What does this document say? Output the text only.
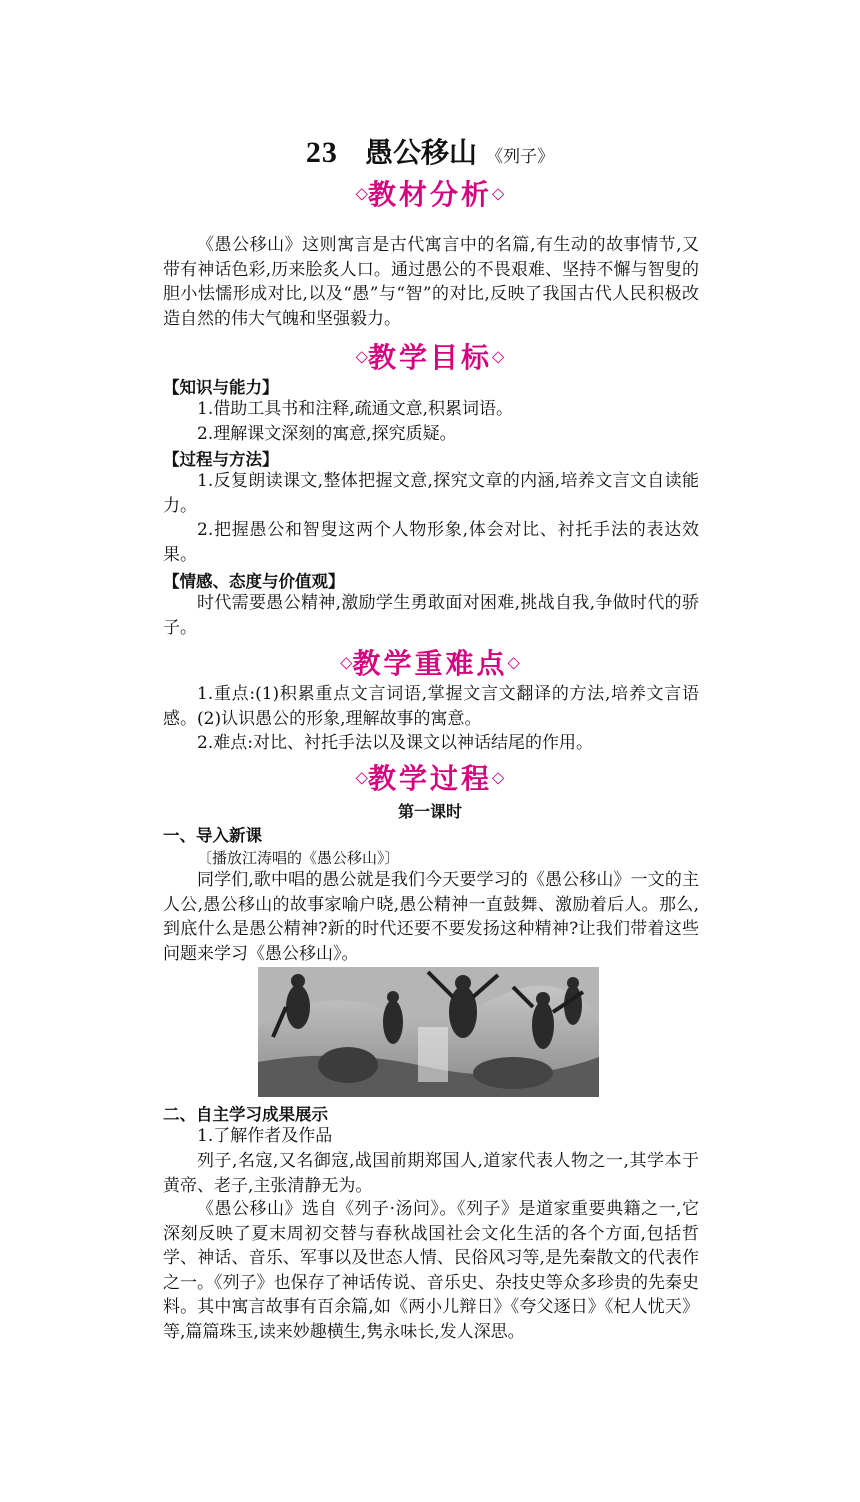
23 愚公移山 《列子》
◇教材分析◇
《愚公移山》这则寓言是古代寓言中的名篇,有生动的故事情节,又带有神话色彩,历来脍炙人口。通过愚公的不畏艰难、坚持不懈与智叟的胆小怯懦形成对比,以及“愚”与“智”的对比,反映了我国古代人民积极改造自然的伟大气魄和坚强毅力。
◇教学目标◇
【知识与能力】
1.借助工具书和注释,疏通文意,积累词语。
2.理解课文深刻的寓意,探究质疑。
【过程与方法】
1.反复朗读课文,整体把握文意,探究文章的内涵,培养文言文自读能力。
2.把握愚公和智叟这两个人物形象,体会对比、衬托手法的表达效果。
【情感、态度与价值观】
时代需要愚公精神,激励学生勇敢面对困难,挑战自我,争做时代的骄子。
◇教学重难点◇
1.重点:(1)积累重点文言词语,掌握文言文翻译的方法,培养文言语感。(2)认识愚公的形象,理解故事的寓意。
2.难点:对比、衬托手法以及课文以神话结尾的作用。
◇教学过程◇
第一课时
一、导入新课
〔播放江涛唱的《愚公移山》〕
同学们,歌中唱的愚公就是我们今天要学习的《愚公移山》一文的主人公,愚公移山的故事家喻户晓,愚公精神一直鼓舞、激励着后人。那么,到底什么是愚公精神?新的时代还要不要发扬这种精神?让我们带着这些问题来学习《愚公移山》。
二、自主学习成果展示
1.了解作者及作品
列子,名寇,又名御寇,战国前期郑国人,道家代表人物之一,其学本于黄帝、老子,主张清静无为。
《愚公移山》选自《列子·汤问》。《列子》是道家重要典籍之一,它深刻反映了夏末周初交替与春秋战国社会文化生活的各个方面,包括哲学、神话、音乐、军事以及世态人情、民俗风习等,是先秦散文的代表作之一。《列子》也保存了神话传说、音乐史、杂技史等众多珍贵的先秦史料。其中寓言故事有百余篇,如《两小儿辩日》《夸父逐日》《杞人忧天》等,篇篇珠玉,读来妙趣横生,隽永味长,发人深思。
